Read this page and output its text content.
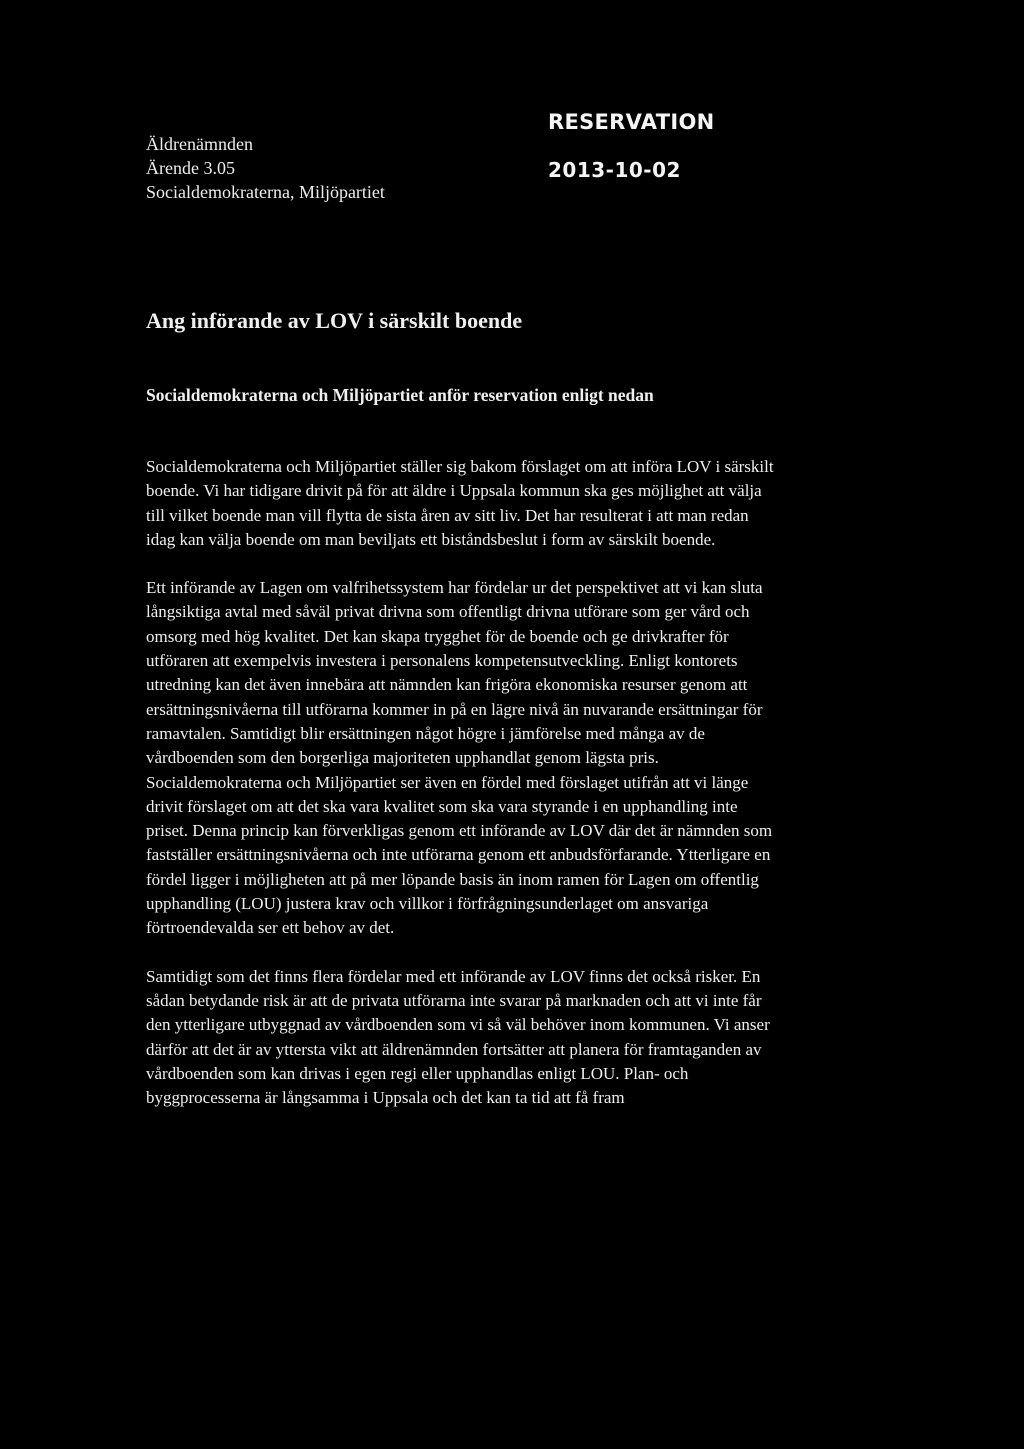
Äldrenämnden
Ärende 3.05
Socialdemokraterna, Miljöpartiet
RESERVATION
2013-10-02
Ang införande av LOV i särskilt boende
Socialdemokraterna och Miljöpartiet anför reservation enligt nedan

Socialdemokraterna och Miljöpartiet ställer sig bakom förslaget om att införa LOV i särskilt boende. Vi har tidigare drivit på för att äldre i Uppsala kommun ska ges möjlighet att välja till vilket boende man vill flytta de sista åren av sitt liv. Det har resulterat i att man redan idag kan välja boende om man beviljats ett biståndsbeslut i form av särskilt boende.

Ett införande av Lagen om valfrihetssystem har fördelar ur det perspektivet att vi kan sluta långsiktiga avtal med såväl privat drivna som offentligt drivna utförare som ger vård och omsorg med hög kvalitet. Det kan skapa trygghet för de boende och ge drivkrafter för utföraren att exempelvis investera i personalens kompetensutveckling. Enligt kontorets utredning kan det även innebära att nämnden kan frigöra ekonomiska resurser genom att ersättningsnivåerna till utförarna kommer in på en lägre nivå än nuvarande ersättningar för ramavtalen. Samtidigt blir ersättningen något högre i jämförelse med många av de vårdboenden som den borgerliga majoriteten upphandlat genom lägsta pris. Socialdemokraterna och Miljöpartiet ser även en fördel med förslaget utifrån att vi länge drivit förslaget om att det ska vara kvalitet som ska vara styrande i en upphandling inte priset. Denna princip kan förverkligas genom ett införande av LOV där det är nämnden som fastställer ersättningsnivåerna och inte utförarna genom ett anbudsförfarande. Ytterligare en fördel ligger i möjligheten att på mer löpande basis än inom ramen för Lagen om offentlig upphandling (LOU) justera krav och villkor i förfrågningsunderlaget om ansvariga förtroendevalda ser ett behov av det.

Samtidigt som det finns flera fördelar med ett införande av LOV finns det också risker. En sådan betydande risk är att de privata utförarna inte svarar på marknaden och att vi inte får den ytterligare utbyggnad av vårdboenden som vi så väl behöver inom kommunen. Vi anser därför att det är av yttersta vikt att äldrenämnden fortsätter att planera för framtaganden av vårdboenden som kan drivas i egen regi eller upphandlas enligt LOU. Plan- och byggprocesserna är långsamma i Uppsala och det kan ta tid att få fram
